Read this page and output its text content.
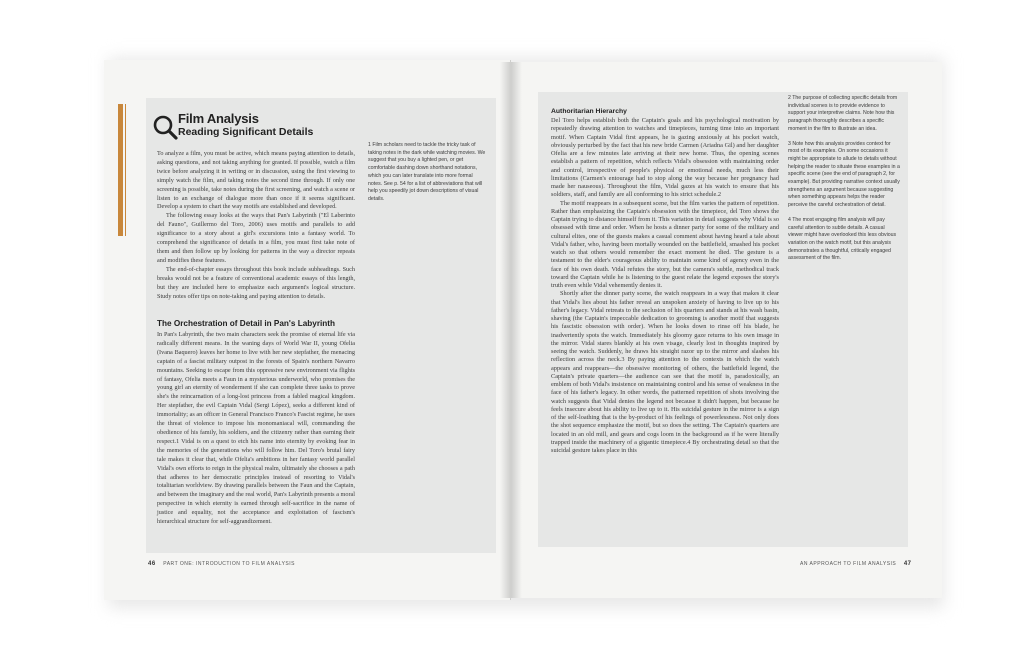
Film Analysis
Reading Significant Details

To analyze a film, you must be active, which means paying attention to details, asking questions, and not taking anything for granted. If possible, watch a film twice before analyzing it in writing or in discussion, using the first viewing to simply watch the film, and taking notes the second time through. If only one screening is possible, take notes during the first screening, and watch a scene or listen to an exchange of dialogue more than once if it seems significant. Develop a system to chart the way motifs are established and developed.

The following essay looks at the ways that Pan's Labyrinth ("El Laberinto del Fauno", Guillermo del Toro, 2006) uses motifs and parallels to add significance to a story about a girl's excursions into a fantasy world. To comprehend the significance of details in a film, you must first take note of them and then follow up by looking for patterns in the way a director repeats and modifies these features.

The end-of-chapter essays throughout this book include subheadings. Such breaks would not be a feature of conventional academic essays of this length, but they are included here to emphasize each argument's logical structure. Study notes offer tips on note-taking and paying attention to details.

1 Film scholars need to tackle the tricky task of taking notes in the dark while watching movies. We suggest that you buy a lighted pen, or get comfortable dashing down shorthand notations, which you can later translate into more formal notes. See p. 54 for a list of abbreviations that will help you speedily jot down descriptions of visual details.

The Orchestration of Detail in Pan's Labyrinth

In Pan's Labyrinth, the two main characters seek the promise of eternal life via radically different means. In the waning days of World War II, young Ofelia (Ivana Baquero) leaves her home to live with her new stepfather, the menacing captain of a fascist military outpost in the forests of Spain's northern Navarro mountains. Seeking to escape from this oppressive new environment via flights of fantasy, Ofelia meets a Faun in a mysterious underworld, who promises the young girl an eternity of wonderment if she can complete three tasks to prove she's the reincarnation of a long-lost princess from a fabled magical kingdom. Her stepfather, the evil Captain Vidal (Sergi López), seeks a different kind of immortality; as an officer in General Francisco Franco's Fascist regime, he uses the threat of violence to impose his monomaniacal will, commanding the obedience of his family, his soldiers, and the citizenry rather than earning their respect.1 Vidal is on a quest to etch his name into eternity by evoking fear in the memories of the generations who will follow him. Del Toro's brutal fairy tale makes it clear that, while Ofelia's ambitions in her fantasy world parallel Vidal's own efforts to reign in the physical realm, ultimately she chooses a path that adheres to her democratic principles instead of resorting to Vidal's totalitarian worldview. By drawing parallels between the Faun and the Captain, and between the imaginary and the real world, Pan's Labyrinth presents a moral perspective in which eternity is earned through self-sacrifice in the name of justice and equality, not the acceptance and exploitation of fascism's hierarchical structure for self-aggrandizement.

46 PART ONE: INTRODUCTION TO FILM ANALYSIS
Authoritarian Hierarchy

Del Toro helps establish both the Captain's goals and his psychological motivation by repeatedly drawing attention to watches and timepieces, turning time into an important motif. When Captain Vidal first appears, he is gazing anxiously at his pocket watch, obviously perturbed by the fact that his new bride Carmen (Ariadna Gil) and her daughter Ofelia are a few minutes late arriving at their new home. Thus, the opening scenes establish a pattern of repetition, which reflects Vidal's obsession with maintaining order and control, irrespective of people's physical or emotional needs, much less their limitations (Carmen's entourage had to stop along the way because her pregnancy had made her nauseous). Throughout the film, Vidal gazes at his watch to ensure that his soldiers, staff, and family are all conforming to his strict schedule.2

The motif reappears in a subsequent scene, but the film varies the pattern of repetition. Rather than emphasizing the Captain's obsession with the timepiece, del Toro shows the Captain trying to distance himself from it. This variation in detail suggests why Vidal is so obsessed with time and order. When he hosts a dinner party for some of the military and cultural elites, one of the guests makes a casual comment about having heard a tale about Vidal's father, who, having been mortally wounded on the battlefield, smashed his pocket watch so that others would remember the exact moment he died. The gesture is a testament to the elder's courageous ability to maintain some kind of agency even in the face of his own death. Vidal refutes the story, but the camera's subtle, methodical track toward the Captain while he is listening to the guest relate the legend exposes the story's truth even while Vidal vehemently denies it.

Shortly after the dinner party scene, the watch reappears in a way that makes it clear that Vidal's lies about his father reveal an unspoken anxiety of having to live up to his father's legacy. Vidal retreats to the seclusion of his quarters and stands at his wash basin, shaving (the Captain's impeccable dedication to grooming is another motif that suggests his fascistic obsession with order). When he looks down to rinse off his blade, he inadvertently spots the watch. Immediately his gloomy gaze returns to his own image in the mirror. Vidal stares blankly at his own visage, clearly lost in thoughts inspired by seeing the watch. Suddenly, he draws his straight razor up to the mirror and slashes his reflection across the neck.3 By paying attention to the contexts in which the watch appears and reappears—the obsessive monitoring of others, the battlefield legend, the Captain's private quarters—the audience can see that the motif is, paradoxically, an emblem of both Vidal's insistence on maintaining control and his sense of weakness in the face of his father's legacy. In other words, the patterned repetition of shots involving the watch suggests that Vidal denies the legend not because it didn't happen, but because he feels insecure about his ability to live up to it. His suicidal gesture in the mirror is a sign of the self-loathing that is the by-product of his feelings of powerlessness. Not only does the shot sequence emphasize the motif, but so does the setting. The Captain's quarters are located in an old mill, and gears and cogs loom in the background as if he were literally trapped inside the machinery of a gigantic timepiece.4 By orchestrating detail so that the suicidal gesture takes place in this

2 The purpose of collecting specific details from individual scenes is to provide evidence to support your interpretive claims. Note how this paragraph thoroughly describes a specific moment in the film to illustrate an idea.

3 Note how this analysis provides context for most of its examples. On some occasions it might be appropriate to allude to details without helping the reader to situate these examples in a specific scene (see the end of paragraph 2, for example). But providing narrative context usually strengthens an argument because suggesting when something appears helps the reader perceive the careful orchestration of detail.

4 The most engaging film analysis will pay careful attention to subtle details. A casual viewer might have overlooked this less obvious variation on the watch motif, but this analysis demonstrates a thoughtful, critically engaged assessment of the film.

AN APPROACH TO FILM ANALYSIS 47
